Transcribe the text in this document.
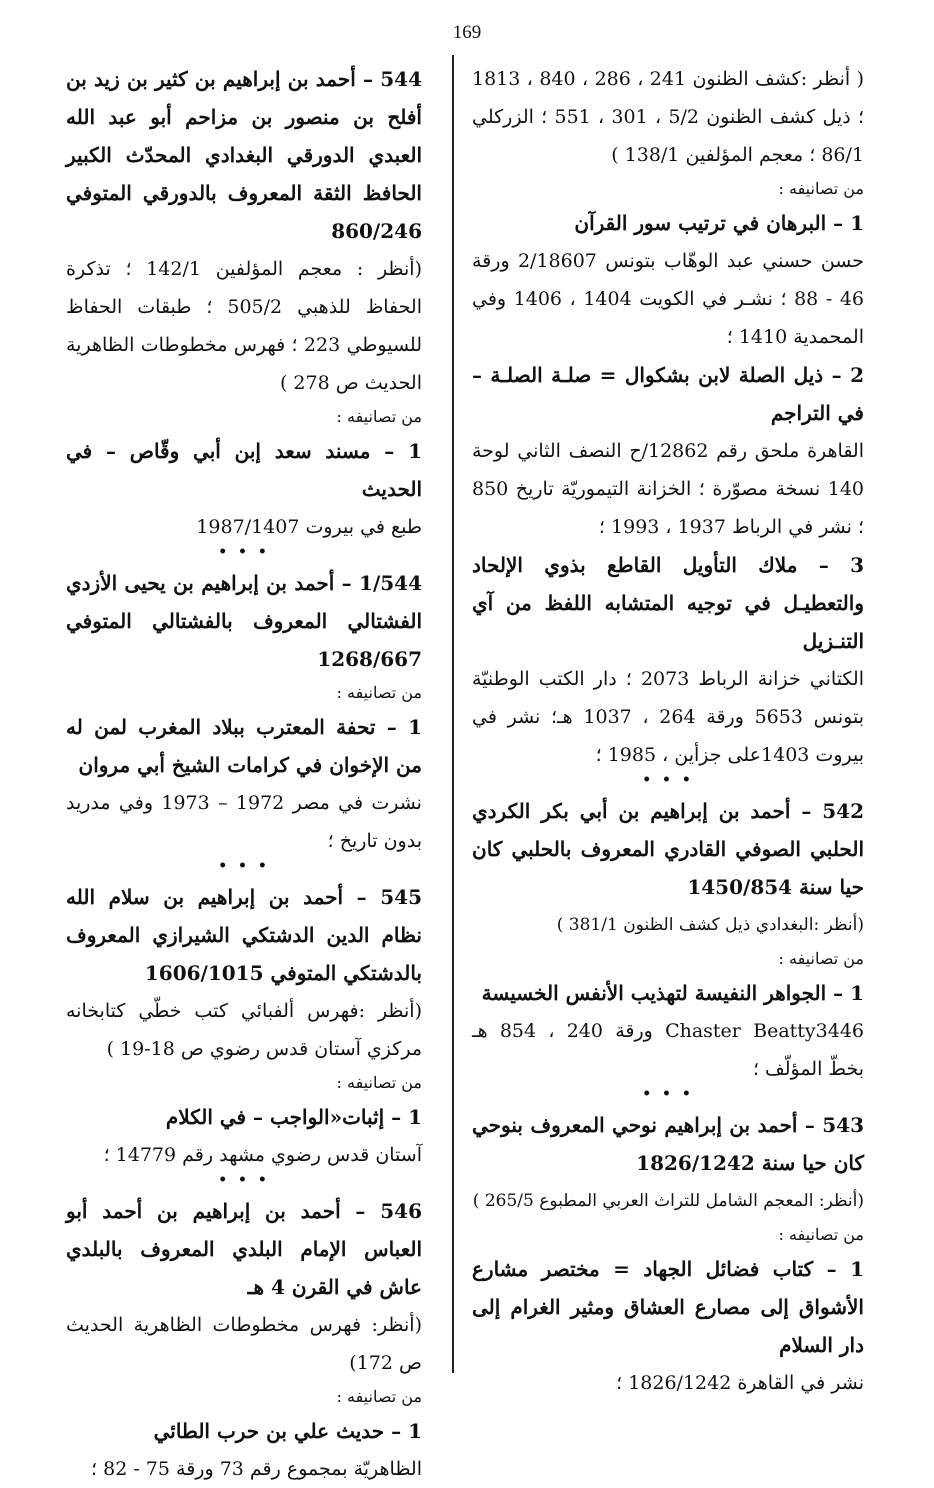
169

( أنظر :كشف الظنون 241 ، 286 ، 840 ، 1813 ؛ ذيل كشف الظنون 5/2 ، 301 ، 551 ؛ الزركلي 86/1 ؛ معجم المؤلفين 138/1 )

من تصانيفه :

1 – البرهان في ترتيب سور القرآن

حسن حسني عبد الوهّاب بتونس 2/18607 ورقة 46 - 88 ؛ نشـر في الكويت 1404 ، 1406 وفي المحمدية 1410 ؛

2 – ذيل الصلة لابن بشكوال = صلـة الصلـة – في التراجم

القاهرة ملحق رقم 12862/ح النصف الثاني لوحة 140 نسخة مصوّرة ؛ الخزانة التيموريّة تاريخ 850 ؛ نشر في الرباط 1937 ، 1993 ؛

3 – ملاك التأويل القاطع بذوي الإلحاد والتعطيـل في توجيه المتشابه اللفظ من آي التنـزيل

الكتاني خزانة الرباط 2073 ؛ دار الكتب الوطنيّة بتونس 5653 ورقة 264 ، 1037 هـ؛ نشر في بيروت 1403على جزأين ، 1985 ؛

• • •

542 – أحمد بن إبراهيم بن أبي بكر الكردي الحلبي الصوفي القادري المعروف بالحلبي كان حيا سنة 1450/854

(أنظر :البغدادي ذيل كشف الظنون 381/1 )

من تصانيفه :

1 – الجواهر النفيسة لتهذيب الأنفس الخسيسة

Chaster Beatty3446 ورقة 240 ، 854 هـ بخطّ المؤلّف ؛

• • •

543 – أحمد بن إبراهيم نوحي المعروف بنوحي كان حيا سنة 1826/1242

(أنظر: المعجم الشامل للتراث العربي المطبوع 265/5 )

من تصانيفه :

1 – كتاب فضائل الجهاد = مختصر مشارع الأشواق إلى مصارع العشاق ومثير الغرام إلى دار السلام

نشر في القاهرة 1826/1242 ؛

544 – أحمد بن إبراهيم بن كثير بن زيد بن أفلح بن منصور بن مزاحم أبو عبد الله العبدي الدورقي البغدادي المحدّث الكبير الحافظ الثقة المعروف بالدورقي المتوفي 860/246

(أنظر : معجم المؤلفين 142/1 ؛ تذكرة الحفاظ للذهبي 505/2 ؛ طبقات الحفاظ للسيوطي 223 ؛ فهرس مخطوطات الظاهرية الحديث ص 278 )

من تصانيفه :

1 – مسند سعد إبن أبي وقّاص – في الحديث

طبع في بيروت 1987/1407

• • •

1/544 – أحمد بن إبراهيم بن يحيى الأزدي الفشتالي المعروف بالفشتالي المتوفي 1268/667

من تصانيفه :

1 – تحفة المعترب ببلاد المغرب لمن له من الإخوان في كرامات الشيخ أبي مروان

نشرت في مصر 1972 – 1973 وفي مدريد بدون تاريخ ؛

• • •

545 – أحمد بن إبراهيم بن سلام الله نظام الدين الدشتكي الشيرازي المعروف بالدشتكي المتوفي 1606/1015

(أنظر :فهرس ألفبائي كتب خطّي كتابخانه مركزي آستان قدس رضوي ص 18-19 )

من تصانيفه :

1 – إثبات«الواجب – في الكلام

آستان قدس رضوي مشهد رقم 14779 ؛

• • •

546 – أحمد بن إبراهيم بن أحمد أبو العباس الإمام البلدي المعروف بالبلدي عاش في القرن 4 هـ

(أنظر: فهرس مخطوطات الظاهرية الحديث ص 172)

من تصانيفه :

1 – حديث علي بن حرب الطائي

الظاهريّة بمجموع رقم 73 ورقة 75 - 82 ؛
